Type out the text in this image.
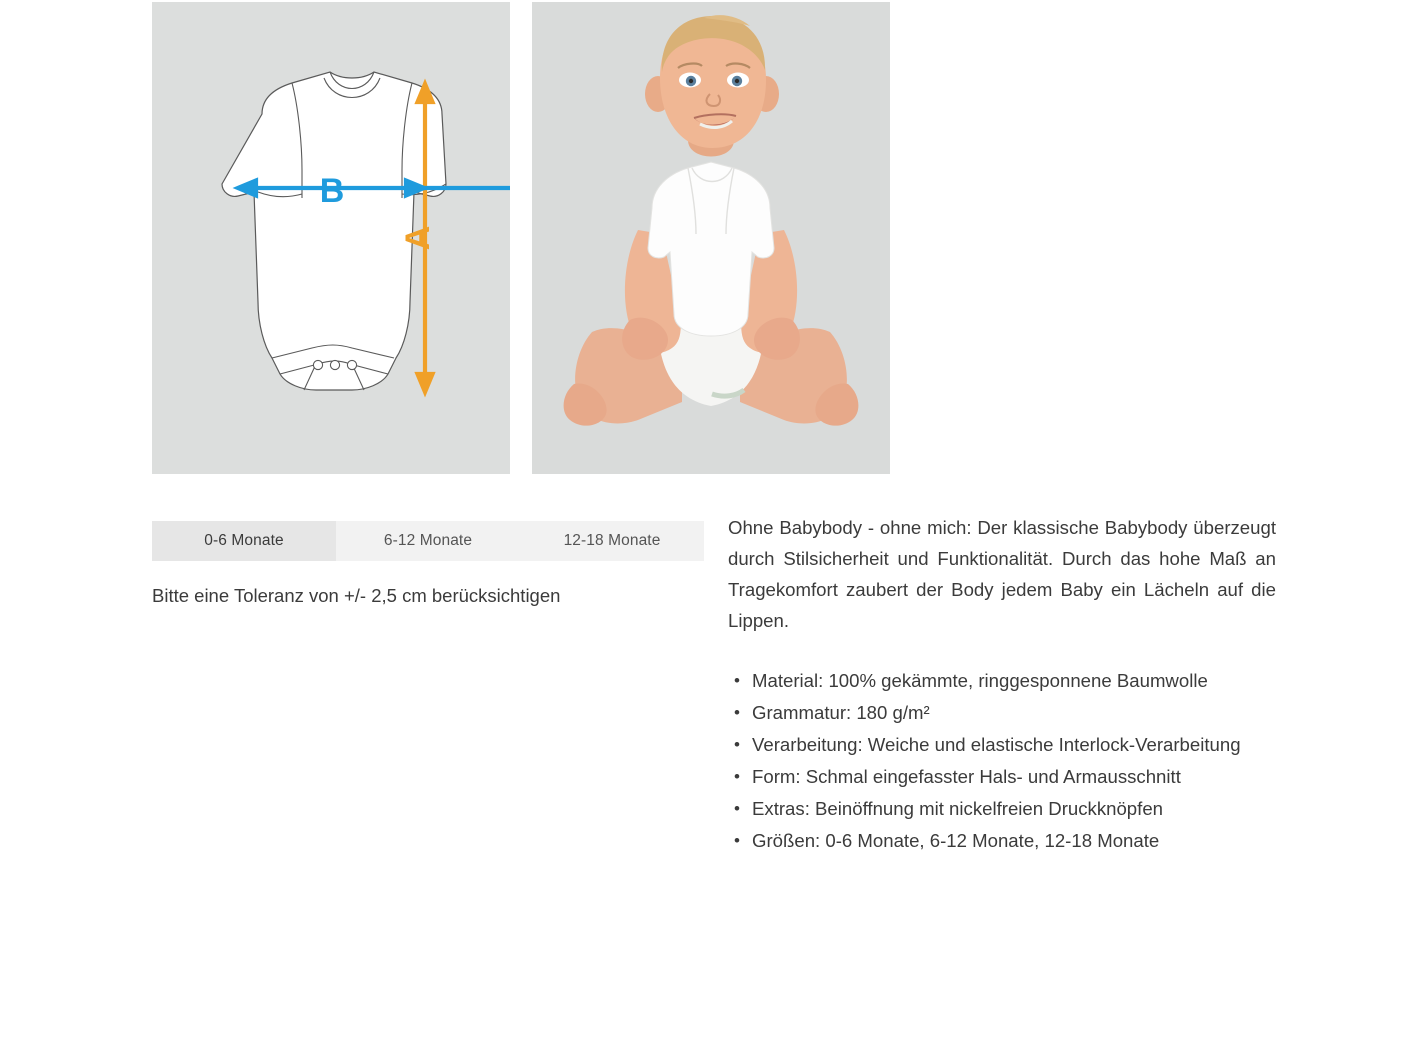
A
B
0-6 Monate	6-12 Monate	12-18 Monate
Bitte eine Toleranz von +/- 2,5 cm berücksichtigen

Ohne Babybody - ohne mich: Der klassische Babybody überzeugt durch Stilsicherheit und Funktionalität. Durch das hohe Maß an Tragekomfort zaubert der Body jedem Baby ein Lächeln auf die Lippen.

• Material: 100% gekämmte, ringgesponnene Baumwolle
• Grammatur: 180 g/m²
• Verarbeitung: Weiche und elastische Interlock-Verarbeitung
• Form: Schmal eingefasster Hals- und Armausschnitt
• Extras: Beinöffnung mit nickelfreien Druckknöpfen
• Größen: 0-6 Monate, 6-12 Monate, 12-18 Monate
